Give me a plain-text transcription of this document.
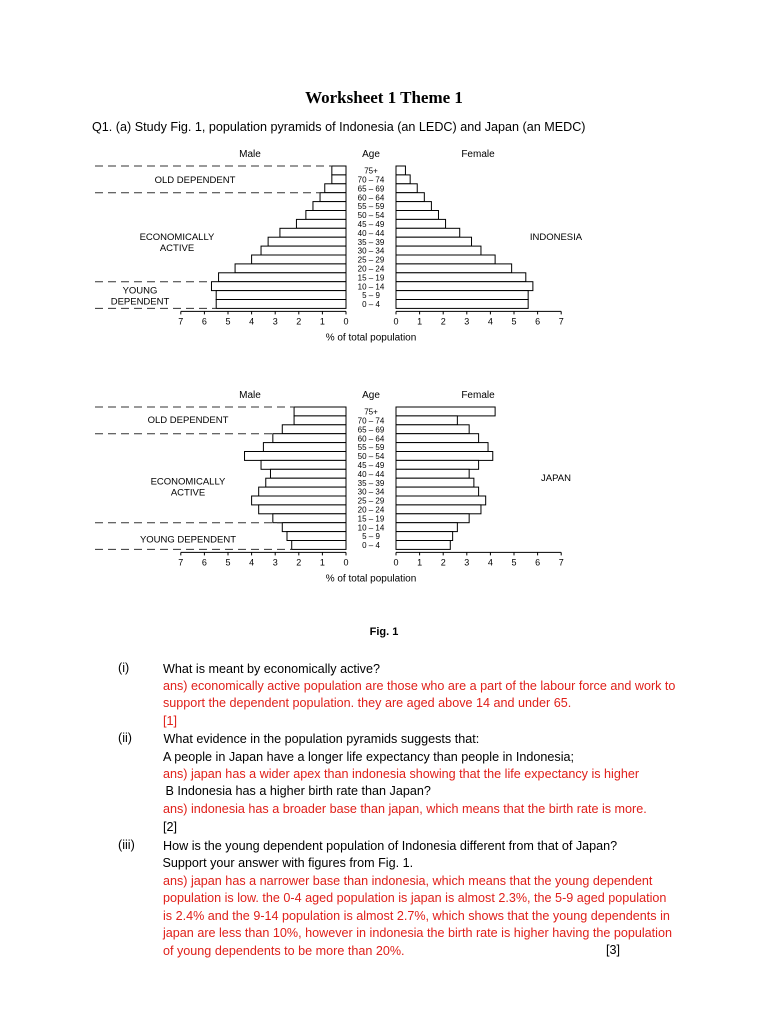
Worksheet 1 Theme 1
Q1. (a) Study Fig. 1, population pyramids of Indonesia (an LEDC) and Japan (an MEDC)
Male	Age	Female
75+
70 – 74
65 – 69
60 – 64
55 – 59
50 – 54
45 – 49
40 – 44
35 – 39
30 – 34
25 – 29
20 – 24
15 – 19
10 – 14
5 – 9
0 – 4
7	0
6	1
5	2
4	3
3	4
2	5
1	6
0	7
% of total population
OLD DEPENDENT
ECONOMICALLY ACTIVE
YOUNG DEPENDENT
INDONESIA
Male	Age	Female
75+
70 – 74
65 – 69
60 – 64
55 – 59
50 – 54
45 – 49
40 – 44
35 – 39
30 – 34
25 – 29
20 – 24
15 – 19
10 – 14
5 – 9
0 – 4
7	0
6	1
5	2
4	3
3	4
2	5
1	6
0	7
% of total population
OLD DEPENDENT
ECONOMICALLY ACTIVE
YOUNG DEPENDENT
JAPAN
Fig. 1
(i)	What is meant by economically active?
ans) economically active population are those who are a part of the labour force and work to support the dependent population. they are aged above 14 and under 65.
[1]
(ii) What evidence in the population pyramids suggests that:
A people in Japan have a longer life expectancy than people in Indonesia;
ans) japan has a wider apex than indonesia showing that the life expectancy is higher
B Indonesia has a higher birth rate than Japan?
ans) indonesia has a broader base than japan, which means that the birth rate is more.
[2]
(iii) How is the young dependent population of Indonesia different from that of Japan?
Support your answer with figures from Fig. 1.
ans) japan has a narrower base than indonesia, which means that the young dependent population is low. the 0-4 aged population is japan is almost 2.3%, the 5-9 aged population is 2.4% and the 9-14 population is almost 2.7%, which shows that the young dependents in japan are less than 10%, however in indonesia the birth rate is higher having the population of young dependents to be more than 20%.	[3]
